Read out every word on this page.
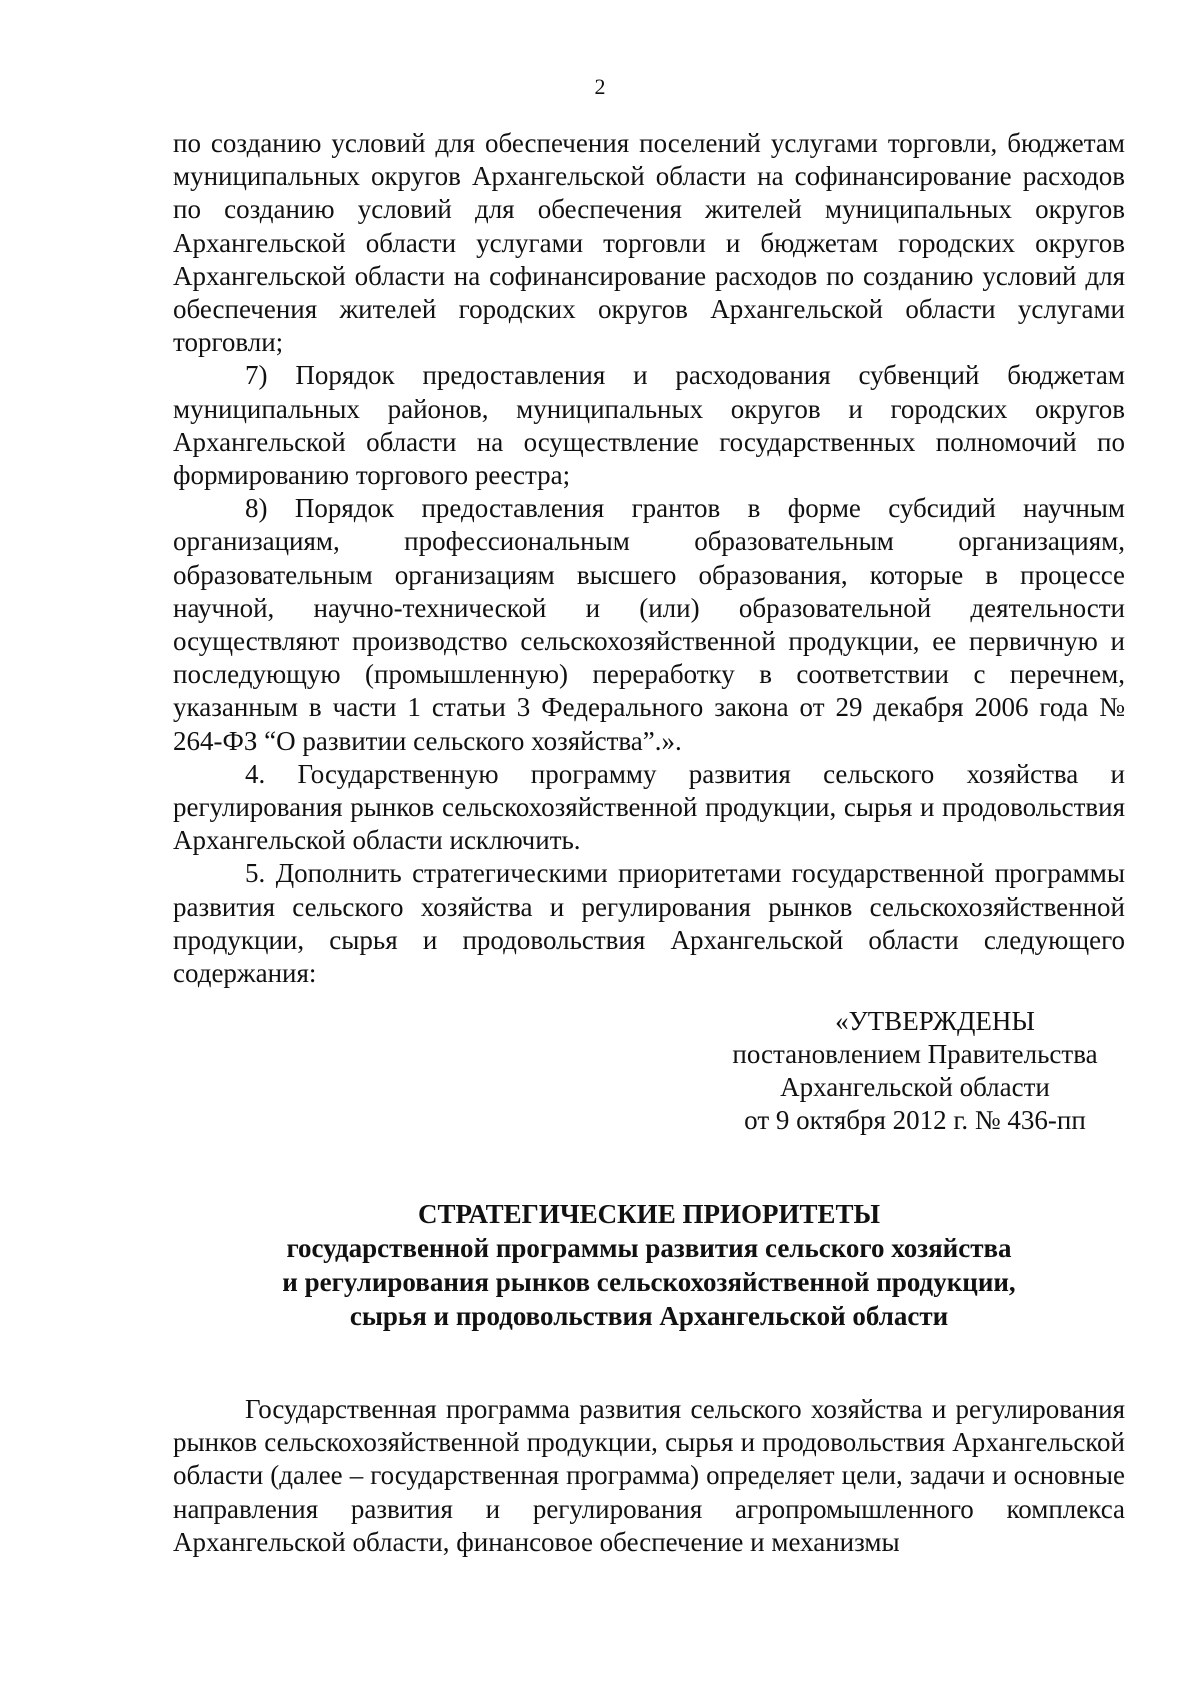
2

по созданию условий для обеспечения поселений услугами торговли, бюджетам муниципальных округов Архангельской области на софинансирование расходов по созданию условий для обеспечения жителей муниципальных округов Архангельской области услугами торговли и бюджетам городских округов Архангельской области на софинансирование расходов по созданию условий для обеспечения жителей городских округов Архангельской области услугами торговли;

7) Порядок предоставления и расходования субвенций бюджетам муниципальных районов, муниципальных округов и городских округов Архангельской области на осуществление государственных полномочий по формированию торгового реестра;

8) Порядок предоставления грантов в форме субсидий научным организациям, профессиональным образовательным организациям, образовательным организациям высшего образования, которые в процессе научной, научно-технической и (или) образовательной деятельности осуществляют производство сельскохозяйственной продукции, ее первичную и последующую (промышленную) переработку в соответствии с перечнем, указанным в части 1 статьи 3 Федерального закона от 29 декабря 2006 года № 264-ФЗ “О развитии сельского хозяйства”.».

4. Государственную программу развития сельского хозяйства и регулирования рынков сельскохозяйственной продукции, сырья и продовольствия Архангельской области исключить.

5. Дополнить стратегическими приоритетами государственной программы развития сельского хозяйства и регулирования рынков сельскохозяйственной продукции, сырья и продовольствия Архангельской области следующего содержания:

«УТВЕРЖДЕНЫ
постановлением Правительства
Архангельской области
от 9 октября 2012 г. № 436-пп
СТРАТЕГИЧЕСКИЕ ПРИОРИТЕТЫ
государственной программы развития сельского хозяйства
и регулирования рынков сельскохозяйственной продукции,
сырья и продовольствия Архангельской области

Государственная программа развития сельского хозяйства и регулирования рынков сельскохозяйственной продукции, сырья и продовольствия Архангельской области (далее – государственная программа) определяет цели, задачи и основные направления развития и регулирования агропромышленного комплекса Архангельской области, финансовое обеспечение и механизмы
